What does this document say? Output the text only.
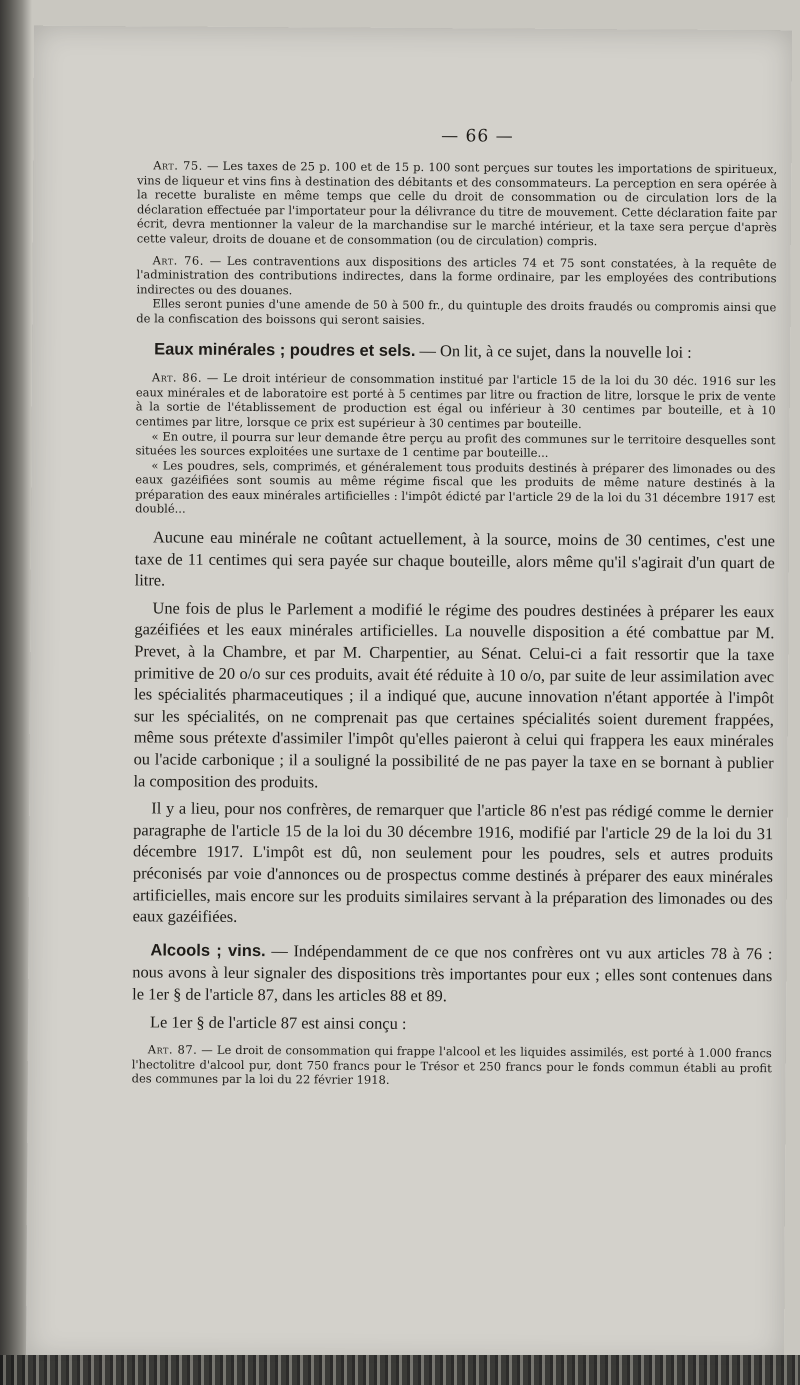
— 66 —

Art. 75. — Les taxes de 25 p. 100 et de 15 p. 100 sont perçues sur toutes les importations de spiritueux, vins de liqueur et vins fins à destination des débitants et des consommateurs. La perception en sera opérée à la recette buraliste en même temps que celle du droit de consommation ou de circulation lors de la déclaration effectuée par l'importateur pour la délivrance du titre de mouvement. Cette déclaration faite par écrit, devra mentionner la valeur de la marchandise sur le marché intérieur, et la taxe sera perçue d'après cette valeur, droits de douane et de consommation (ou de circulation) compris.

Art. 76. — Les contraventions aux dispositions des articles 74 et 75 sont constatées, à la requête de l'administration des contributions indirectes, dans la forme ordinaire, par les employées des contributions indirectes ou des douanes.

Elles seront punies d'une amende de 50 à 500 fr., du quintuple des droits fraudés ou compromis ainsi que de la confiscation des boissons qui seront saisies.

Eaux minérales ; poudres et sels. — On lit, à ce sujet, dans la nouvelle loi :

Art. 86. — Le droit intérieur de consommation institué par l'article 15 de la loi du 30 déc. 1916 sur les eaux minérales et de laboratoire est porté à 5 centimes par litre ou fraction de litre, lorsque le prix de vente à la sortie de l'établissement de production est égal ou inférieur à 30 centimes par bouteille, et à 10 centimes par litre, lorsque ce prix est supérieur à 30 centimes par bouteille.

« En outre, il pourra sur leur demande être perçu au profit des communes sur le territoire desquelles sont situées les sources exploitées une surtaxe de 1 centime par bouteille...

« Les poudres, sels, comprimés, et généralement tous produits destinés à préparer des limonades ou des eaux gazéifiées sont soumis au même régime fiscal que les produits de même nature destinés à la préparation des eaux minérales artificielles : l'impôt édicté par l'article 29 de la loi du 31 décembre 1917 est doublé...

Aucune eau minérale ne coûtant actuellement, à la source, moins de 30 centimes, c'est une taxe de 11 centimes qui sera payée sur chaque bouteille, alors même qu'il s'agirait d'un quart de litre.

Une fois de plus le Parlement a modifié le régime des poudres destinées à préparer les eaux gazéifiées et les eaux minérales artificielles. La nouvelle disposition a été combattue par M. Prevet, à la Chambre, et par M. Charpentier, au Sénat. Celui-ci a fait ressortir que la taxe primitive de 20 o/o sur ces produits, avait été réduite à 10 o/o, par suite de leur assimilation avec les spécialités pharmaceutiques ; il a indiqué que, aucune innovation n'étant apportée à l'impôt sur les spécialités, on ne comprenait pas que certaines spécialités soient durement frappées, même sous prétexte d'assimiler l'impôt qu'elles paieront à celui qui frappera les eaux minérales ou l'acide carbonique ; il a souligné la possibilité de ne pas payer la taxe en se bornant à publier la composition des produits.

Il y a lieu, pour nos confrères, de remarquer que l'article 86 n'est pas rédigé comme le dernier paragraphe de l'article 15 de la loi du 30 décembre 1916, modifié par l'article 29 de la loi du 31 décembre 1917. L'impôt est dû, non seulement pour les poudres, sels et autres produits préconisés par voie d'annonces ou de prospectus comme destinés à préparer des eaux minérales artificielles, mais encore sur les produits similaires servant à la préparation des limonades ou des eaux gazéifiées.

Alcools ; vins. — Indépendamment de ce que nos confrères ont vu aux articles 78 à 76 : nous avons à leur signaler des dispositions très importantes pour eux ; elles sont contenues dans le 1er § de l'article 87, dans les articles 88 et 89.

Le 1er § de l'article 87 est ainsi conçu :

Art. 87. — Le droit de consommation qui frappe l'alcool et les liquides assimilés, est porté à 1.000 francs l'hectolitre d'alcool pur, dont 750 francs pour le Trésor et 250 francs pour le fonds commun établi au profit des communes par la loi du 22 février 1918.
